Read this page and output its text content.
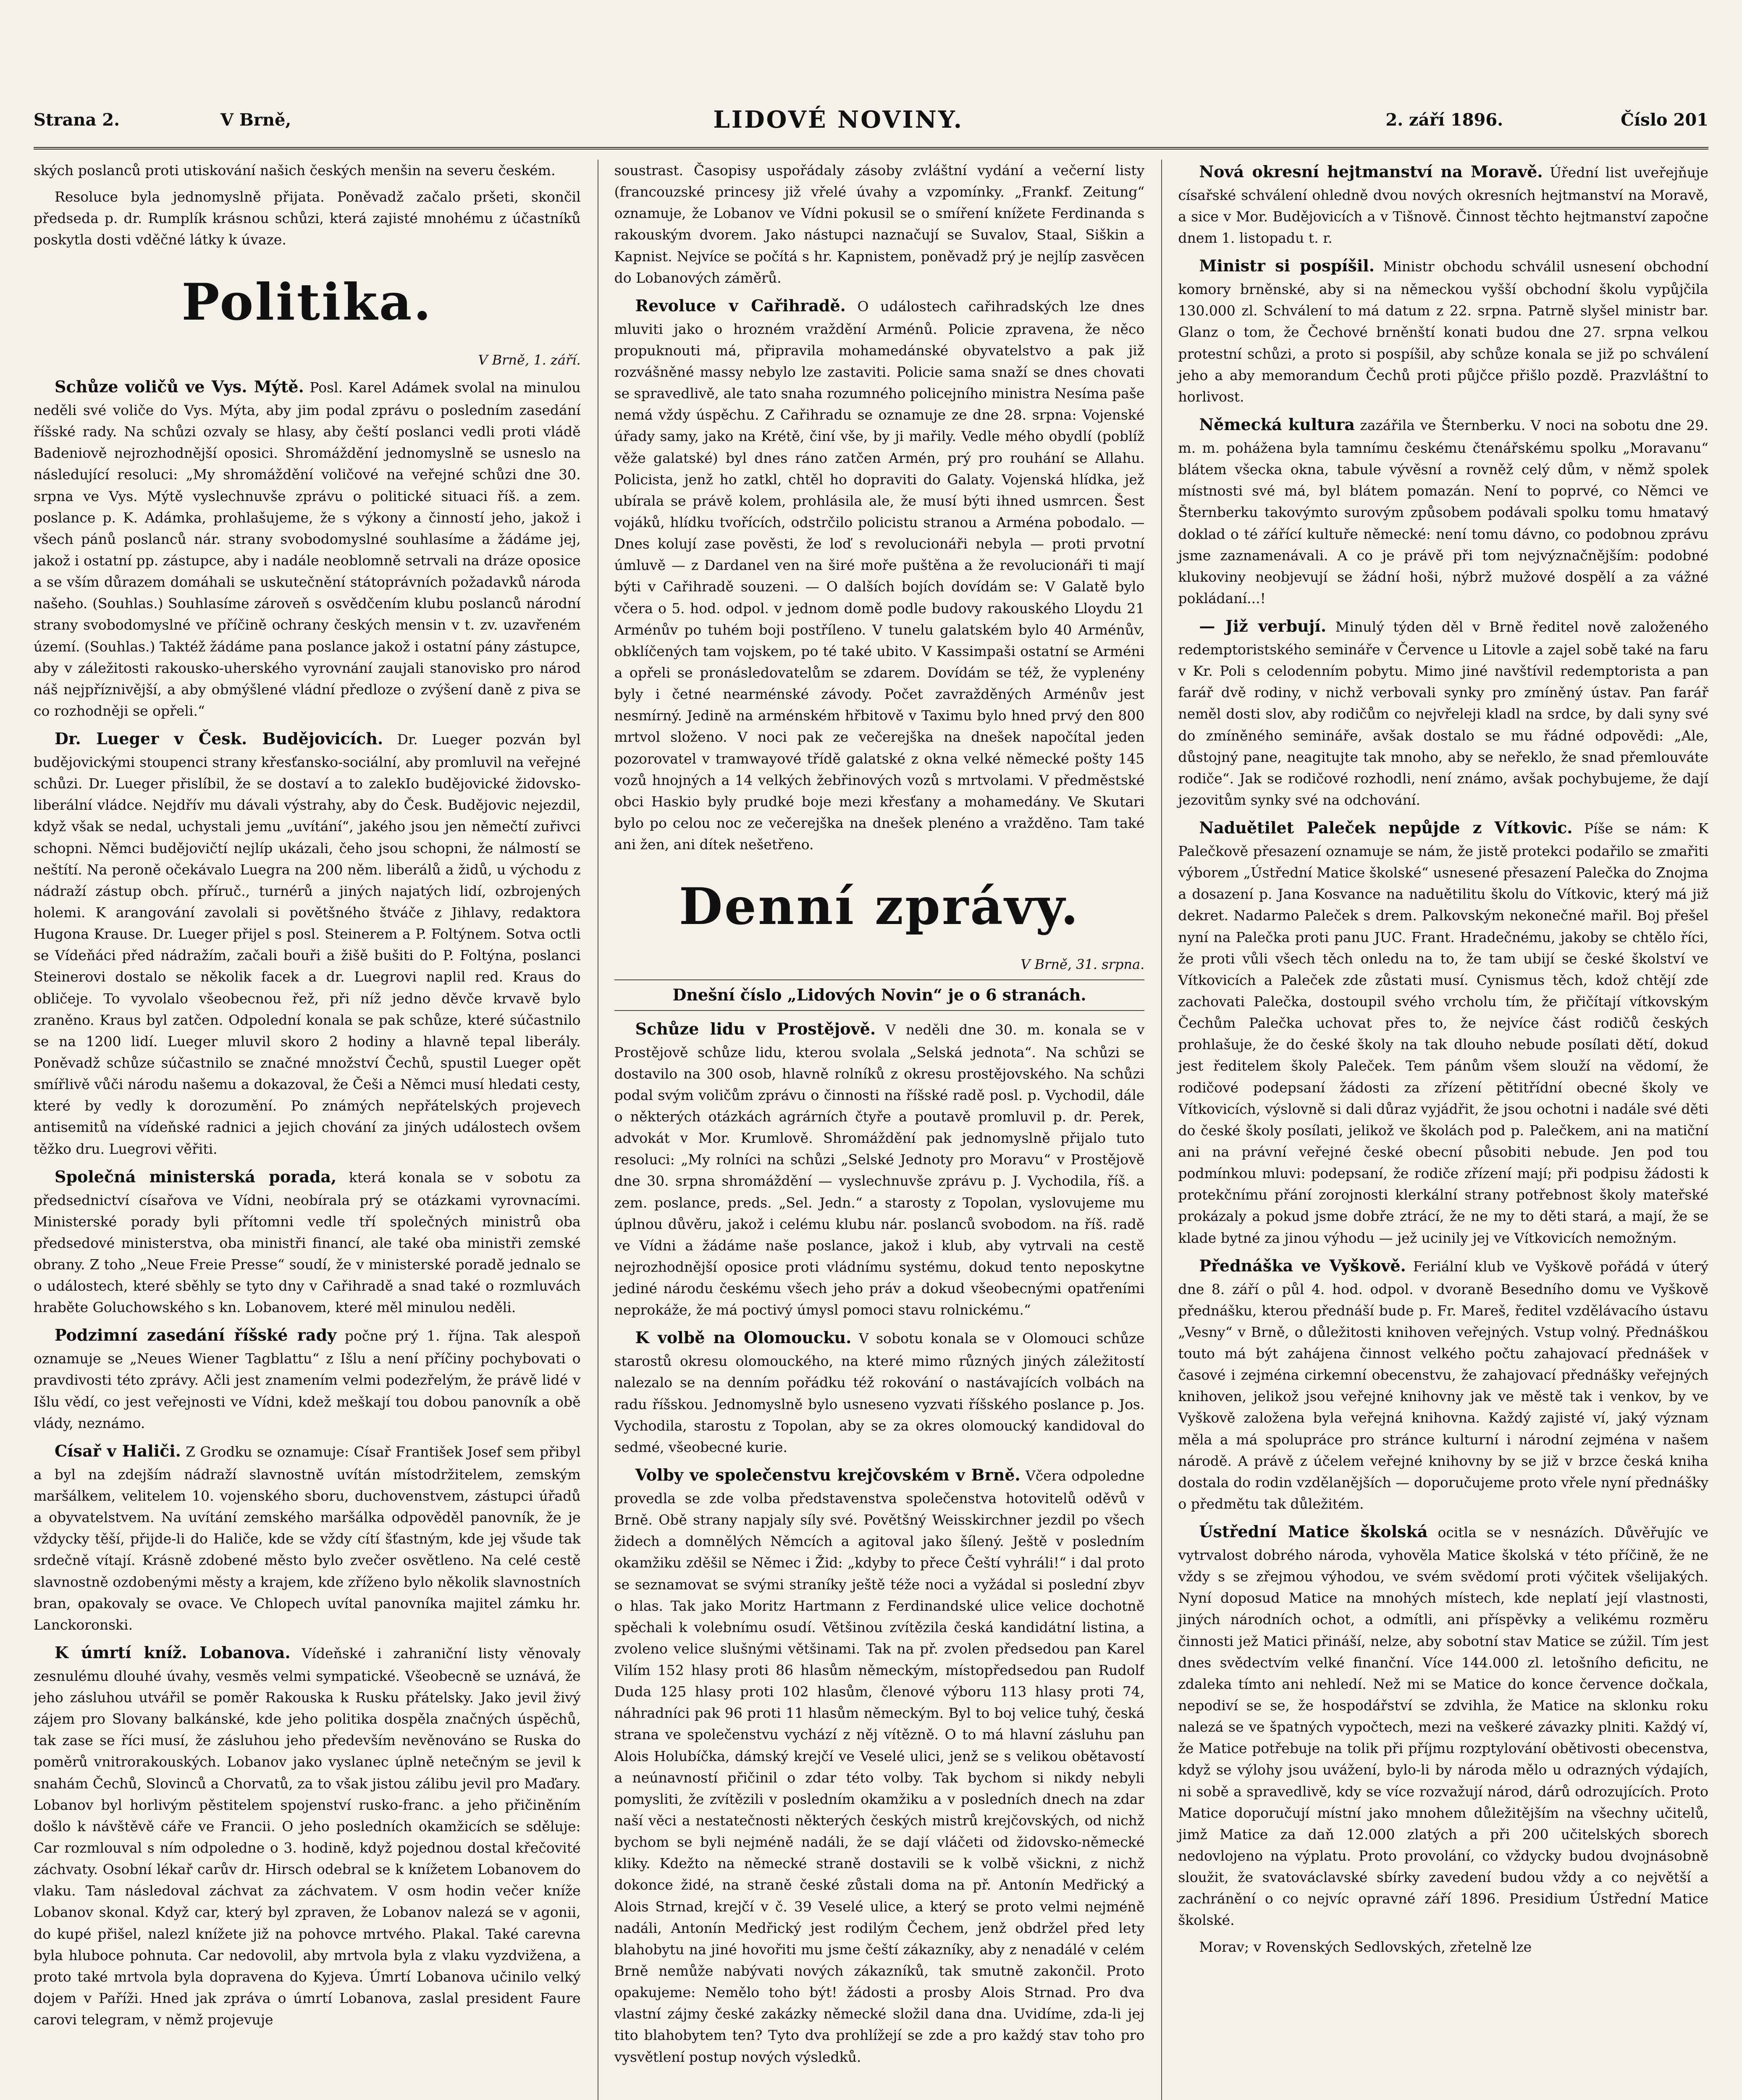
Strana 2.	V Brně,	LIDOVÉ NOVINY.	2. září 1896.	Číslo 201

ských poslanců proti utiskování našich českých menšin na severu českém.

Resoluce byla jednomyslně přijata. Poněvadž začalo pršeti, skončil předseda p. dr. Rumplík krásnou schůzi, která zajisté mnohému z účastníků poskytla dosti vděčné látky k úvaze.

Politika.
V Brně, 1. září.

Schůze voličů ve Vys. Mýtě. Posl. Karel Adámek svolal na minulou neděli své voliče do Vys. Mýta, aby jim podal zprávu o posledním zasedání říšské rady. Na schůzi ozvaly se hlasy, aby čeští poslanci vedli proti vládě Badeniově nejrozhodnější oposici. Shromáždění jednomyslně se usneslo na následující resoluci: „My shromáždění voličové na veřejné schůzi dne 30. srpna ve Vys. Mýtě vyslechnuvše zprávu o politické situaci říš. a zem. poslance p. K. Adámka, prohlašujeme, že s výkony a činností jeho, jakož i všech pánů poslanců nár. strany svobodomyslné souhlasíme a žádáme jej, jakož i ostatní pp. zástupce, aby i nadále neoblomně setrvali na dráze oposice a se vším důrazem domáhali se uskutečnění státoprávních požadavků národa našeho. (Souhlas.) Souhlasíme zároveň s osvědčením klubu poslanců národní strany svobodomyslné ve příčině ochrany českých mensin v t. zv. uzavřeném území. (Souhlas.) Taktéž žádáme pana poslance jakož i ostatní pány zástupce, aby v záležitosti rakousko-uherského vyrovnání zaujali stanovisko pro národ náš nejpříznivější, a aby obmýšlené vládní předloze o zvýšení daně z piva se co rozhodněji se opřeli.“

Dr. Lueger v Česk. Budějovicích. Dr. Lueger pozván byl budějovickými stoupenci strany křesťansko-sociální, aby promluvil na veřejné schůzi. Dr. Lueger přislíbil, že se dostaví a to zalekIo budějovické židovsko-liberální vládce. Nejdřív mu dávali výstrahy, aby do Česk. Budějovic nejezdil, když však se nedal, uchystali jemu „uvítání“, jakého jsou jen němečtí zuřivci schopni. Němci budějovičtí nejlíp ukázali, čeho jsou schopni, že nálmostí se neštítí. Na peroně očekávalo Luegra na 200 něm. liberálů a židů, u východu z nádraží zástup obch. příruč., turnérů a jiných najatých lidí, ozbrojených holemi. K arangování zavolali si povětšného štváče z Jihlavy, redaktora Hugona Krause. Dr. Lueger přijel s posl. Steinerem a P. Foltýnem. Sotva octli se Vídeňáci před nádražím, začali bouři a žišě bušiti do P. Foltýna, poslanci Steinerovi dostalo se několik facek a dr. Luegrovi naplil red. Kraus do obličeje. To vyvolalo všeobecnou řež, při níž jedno děvče krvavě bylo zraněno. Kraus byl zatčen. Odpolední konala se pak schůze, které súčastnilo se na 1200 lidí. Lueger mluvil skoro 2 hodiny a hlavně tepal liberály. Poněvadž schůze súčastnilo se značné množství Čechů, spustil Lueger opět smířlivě vůči národu našemu a dokazoval, že Češi a Němci musí hledati cesty, které by vedly k dorozumění. Po známých nepřátelských projevech antisemitů na vídeňské radnici a jejich chování za jiných událostech ovšem těžko dru. Luegrovi věřiti.

Společná ministerská porada, která konala se v sobotu za předsednictví císařova ve Vídni, neobírala prý se otázkami vyrovnacími. Ministerské porady byli přítomni vedle tří společných ministrů oba předsedové ministerstva, oba ministři financí, ale také oba ministři zemské obrany. Z toho „Neue Freie Presse“ soudí, že v ministerské poradě jednalo se o událostech, které sběhly se tyto dny v Cařihradě a snad také o rozmluvách hraběte Goluchowského s kn. Lobanovem, které měl minulou neděli.

Podzimní zasedání říšské rady počne prý 1. října. Tak alespoň oznamuje se „Neues Wiener Tagblattu“ z Išlu a není příčiny pochybovati o pravdivosti této zprávy. Ačli jest znamením velmi podezřelým, že právě lidé v Išlu vědí, co jest veřejnosti ve Vídni, kdež meškají tou dobou panovník a obě vlády, neznámo.

Císař v Haliči. Z Grodku se oznamuje: Císař František Josef sem přibyl a byl na zdejším nádraží slavnostně uvítán místodržitelem, zemským maršálkem, velitelem 10. vojenského sboru, duchovenstvem, zástupci úřadů a obyvatelstvem. Na uvítání zemského maršálka odpověděl panovník, že je vždycky těší, přijde-li do Haliče, kde se vždy cítí šťastným, kde jej všude tak srdečně vítají. Krásně zdobené město bylo zvečer osvětleno. Na celé cestě slavnostně ozdobenými městy a krajem, kde zříženo bylo několik slavnostních bran, opakovaly se ovace. Ve Chlopech uvítal panovníka majitel zámku hr. Lanckoronski.

K úmrtí kníž. Lobanova. Vídeňské i zahraniční listy věnovaly zesnulému dlouhé úvahy, vesměs velmi sympatické. Všeobecně se uznává, že jeho zásluhou utvářil se poměr Rakouska k Rusku přátelsky. Jako jevil živý zájem pro Slovany balkánské, kde jeho politika dospěla značných úspěchů, tak zase se říci musí, že zásluhou jeho především nevěnováno se Ruska do poměrů vnitrorakouských. Lobanov jako vyslanec úplně netečným se jevil k snahám Čechů, Slovinců a Chorvatů, za to však jistou zálibu jevil pro Maďary. Lobanov byl horlivým pěstitelem spojenství rusko-franc. a jeho přičiněním došlo k návštěvě cáře ve Francii. O jeho posledních okamžicích se sděluje: Car rozmlouval s ním odpoledne o 3. hodině, když pojednou dostal křečovité záchvaty. Osobní lékař carův dr. Hirsch odebral se k knížetem Lobanovem do vlaku. Tam následoval záchvat za záchvatem. V osm hodin večer kníže Lobanov skonal. Když car, který byl zpraven, že Lobanov nalezá se v agonii, do kupé přišel, nalezl knížete již na pohovce mrtvého. Plakal. Také carevna byla hluboce pohnuta. Car nedovolil, aby mrtvola byla z vlaku vyzdvižena, a proto také mrtvola byla dopravena do Kyjeva. Úmrtí Lobanova učinilo velký dojem v Paříži. Hned jak zpráva o úmrtí Lobanova, zaslal president Faure carovi telegram, v němž projevuje

soustrast. Časopisy uspořádaly zásoby zvláštní vydání a večerní listy (francouzské princesy již vřelé úvahy a vzpomínky. „Frankf. Zeitung“ oznamuje, že Lobanov ve Vídni pokusil se o smíření knížete Ferdinanda s rakouským dvorem. Jako nástupci naznačují se Suvalov, Staal, Siškin a Kapnist. Nejvíce se počítá s hr. Kapnistem, poněvadž prý je nejlíp zasvěcen do Lobanových záměrů.

Revoluce v Cařihradě. O událostech cařihradských lze dnes mluviti jako o hrozném vraždění Arménů. Policie zpravena, že něco propuknouti má, připravila mohamedánské obyvatelstvo a pak již rozvášněné massy nebylo lze zastaviti. Policie sama snaží se dnes chovati se spravedlivě, ale tato snaha rozumného policejního ministra Nesíma paše nemá vždy úspěchu. Z Cařihradu se oznamuje ze dne 28. srpna: Vojenské úřady samy, jako na Krétě, činí vše, by ji mařily. Vedle mého obydlí (poblíž věže galatské) byl dnes ráno zatčen Armén, prý pro rouhání se Allahu. Policista, jenž ho zatkl, chtěl ho dopraviti do Galaty. Vojenská hlídka, jež ubírala se právě kolem, prohlásila ale, že musí býti ihned usmrcen. Šest vojáků, hlídku tvořících, odstrčilo policistu stranou a Arména pobodalo. — Dnes kolují zase pověsti, že loď s revolucionáři nebyla — proti prvotní úmluvě — z Dardanel ven na širé moře puštěna a že revolucionáři ti mají býti v Cařihradě souzeni. — O dalších bojích dovídám se: V Galatě bylo včera o 5. hod. odpol. v jednom domě podle budovy rakouského Lloydu 21 Arménův po tuhém boji postříleno. V tunelu galatském bylo 40 Arménův, obklíčených tam vojskem, po té také ubito. V Kassimpaši ostatní se Arméni a opřeli se pronásledovatelům se zdarem. Dovídám se též, že vyplenény byly i četné nearménské závody. Počet zavražděných Arménův jest nesmírný. Jedině na arménském hřbitově v Taximu bylo hned prvý den 800 mrtvol složeno. V noci pak ze večerejška na dnešek napočítal jeden pozorovatel v tramwayové třídě galatské z okna velké německé pošty 145 vozů hnojných a 14 velkých žebřinových vozů s mrtvolami. V předměstské obci Haskio byly prudké boje mezi křesťany a mohamedány. Ve Skutari bylo po celou noc ze večerejška na dnešek plenéno a vražděno. Tam také ani žen, ani dítek nešetřeno.

Denní zprávy.
V Brně, 31. srpna.

Dnešní číslo „Lidových Novin“ je o 6 stranách.

Schůze lidu v Prostějově. V neděli dne 30. m. konala se v Prostějově schůze lidu, kterou svolala „Selská jednota“. Na schůzi se dostavilo na 300 osob, hlavně rolníků z okresu prostějovského. Na schůzi podal svým voličům zprávu o činnosti na říšské radě posl. p. Vychodil, dále o některých otázkách agrárních čtyře a poutavě promluvil p. dr. Perek, advokát v Mor. Krumlově. Shromáždění pak jednomyslně přijalo tuto resoluci: „My rolníci na schůzi „Selské Jednoty pro Moravu“ v Prostějově dne 30. srpna shromáždění — vyslechnuvše zprávu p. J. Vychodila, říš. a zem. poslance, preds. „Sel. Jedn.“ a starosty z Topolan, vyslovujeme mu úplnou důvěru, jakož i celému klubu nár. poslanců svobodom. na říš. radě ve Vídni a žádáme naše poslance, jakož i klub, aby vytrvali na cestě nejrozhodnější oposice proti vládnímu systému, dokud tento neposkytne jediné národu českému všech jeho práv a dokud všeobecnými opatřeními neprokáže, že má poctivý úmysl pomoci stavu rolnickému.“

K volbě na Olomoucku. V sobotu konala se v Olomouci schůze starostů okresu olomouckého, na které mimo různých jiných záležitostí nalezalo se na denním pořádku též rokování o nastávajících volbách na radu říšskou. Jednomyslně bylo usneseno vyzvati říšského poslance p. Jos. Vychodila, starostu z Topolan, aby se za okres olomoucký kandidoval do sedmé, všeobecné kurie.

Volby ve společenstvu krejčovském v Brně. Včera odpoledne provedla se zde volba představenstva společenstva hotovitelů oděvů v Brně. Obě strany napjaly síly své. Povětšný Weisskirchner jezdil po všech židech a domnělých Němcích a agitoval jako šílený. Ještě v posledním okamžiku zděšil se Němec i Žid: „kdyby to přece Čeští vyhráli!“ i dal proto se seznamovat se svými straníky ještě téže noci a vyžádal si poslední zbyv o hlas. Tak jako Moritz Hartmann z Ferdinandské ulice velice dochotně spěchali k volebnímu osudí. Většinou zvítězila česká kandidátní listina, a zvoleno velice slušnými většinami. Tak na př. zvolen předsedou pan Karel Vilím 152 hlasy proti 86 hlasům německým, místopředsedou pan Rudolf Duda 125 hlasy proti 102 hlasům, členové výboru 113 hlasy proti 74, náhradníci pak 96 proti 11 hlasům německým. Byl to boj velice tuhý, česká strana ve společenstvu vychází z něj vítězně. O to má hlavní zásluhu pan Alois Holubíčka, dámský krejčí ve Veselé ulici, jenž se s velikou obětavostí a neúnavností přičinil o zdar této volby. Tak bychom si nikdy nebyli pomysliti, že zvítězili v posledním okamžiku a v posledních dnech na zdar naší věci a nestatečnosti některých českých mistrů krejčovských, od nichž bychom se byli nejméně nadáli, že se dají vláčeti od židovsko-německé kliky. Kdežto na německé straně dostavili se k volbě všickni, z nichž dokonce židé, na straně české zůstali doma na př. Antonín Medřický a Alois Strnad, krejčí v č. 39 Veselé ulice, a který se proto velmi nejméně nadáli, Antonín Medřický jest rodilým Čechem, jenž obdržel před lety blahobytu na jiné hovořiti mu jsme čeští zákazníky, aby z nenadálé v celém Brně nemůže nabývati nových zákazníků, tak smutně zakončil. Proto opakujeme: Nemělo toho být! žádosti a prosby Alois Strnad. Pro dva vlastní zájmy české zakázky německé složil dana dna. Uvidíme, zda-li jej tito blahobytem ten? Tyto dva prohlížejí se zde a pro každý stav toho pro vysvětlení postup nových výsledků.

Nová okresní hejtmanství na Moravě. Úřední list uveřejňuje císařské schválení ohledně dvou nových okresních hejtmanství na Moravě, a sice v Mor. Budějovicích a v Tišnově. Činnost těchto hejtmanství započne dnem 1. listopadu t. r.

Ministr si pospíšil. Ministr obchodu schválil usnesení obchodní komory brněnské, aby si na německou vyšší obchodní školu vypůjčila 130.000 zl. Schválení to má datum z 22. srpna. Patrně slyšel ministr bar. Glanz o tom, že Čechové brněnští konati budou dne 27. srpna velkou protestní schůzi, a proto si pospíšil, aby schůze konala se již po schválení jeho a aby memorandum Čechů proti půjčce přišlo pozdě. Prazvláštní to horlivost.

Německá kultura zazářila ve Šternberku. V noci na sobotu dne 29. m. m. pohážena byla tamnímu českému čtenářskému spolku „Moravanu“ blátem všecka okna, tabule vývěsní a rovněž celý dům, v němž spolek místnosti své má, byl blátem pomazán. Není to poprvé, co Němci ve Šternberku takovýmto surovým způsobem podávali spolku tomu hmatavý doklad o té zářící kultuře německé: není tomu dávno, co podobnou zprávu jsme zaznamenávali. A co je právě při tom nejvýznačnějším: podobné klukoviny neobjevují se žádní hoši, nýbrž mužové dospělí a za vážné pokládaní...!

— Již verbují. Minulý týden děl v Brně ředitel nově založeného redemptoristského semináře v Července u Litovle a zajel sobě také na faru v Kr. Poli s celodenním pobytu. Mimo jiné navštívil redemptorista a pan farář dvě rodiny, v nichž verbovali synky pro zmíněný ústav. Pan farář neměl dosti slov, aby rodičům co nejvřeleji kladl na srdce, by dali syny své do zmíněného semináře, avšak dostalo se mu řádné odpovědi: „Ale, důstojný pane, neagitujte tak mnoho, aby se neřeklo, že snad přemlouváte rodiče“. Jak se rodičové rozhodli, není známo, avšak pochybujeme, že dají jezovitům synky své na odchování.

Naduětilet Paleček nepůjde z Vítkovic. Píše se nám: K Palečkově přesazení oznamuje se nám, že jistě protekci podařilo se zmařiti výborem „Ústřední Matice školské“ usnesené přesazení Palečka do Znojma a dosazení p. Jana Kosvance na naduětilitu školu do Vítkovic, který má již dekret. Nadarmo Paleček s drem. Palkovským nekonečné mařil. Boj přešel nyní na Palečka proti panu JUC. Frant. Hradečnému, jakoby se chtělo říci, že proti vůli všech těch onledu na to, že tam ubijí se české školství ve Vítkovicích a Paleček zde zůstati musí. Cynismus těch, kdož chtějí zde zachovati Palečka, dostoupil svého vrcholu tím, že přičítají vítkovským Čechům Palečka uchovat přes to, že nejvíce část rodičů českých prohlašuje, že do české školy na tak dlouho nebude posílati dětí, dokud jest ředitelem školy Paleček. Tem pánům všem slouží na vědomí, že rodičové podepsaní žádosti za zřízení pětitřídní obecné školy ve Vítkovicích, výslovně si dali důraz vyjádřit, že jsou ochotni i nadále své děti do české školy posílati, jelikož ve školách pod p. Palečkem, ani na matiční ani na právní veřejné české obecní působiti nebude. Jen pod tou podmínkou mluvi: podepsaní, že rodiče zřízení mají; při podpisu žádosti k protekčnímu přání zorojnosti klerkální strany potřebnost školy mateřské prokázaly a pokud jsme dobře ztrácí, že ne my to děti stará, a mají, že se klade bytné za jinou výhodu — jež ucinily jej ve Vítkovicích nemožným.

Přednáška ve Vyškově. Feriální klub ve Vyškově pořádá v úterý dne 8. září o půl 4. hod. odpol. v dvoraně Besedního domu ve Vyškově přednášku, kterou přednáší bude p. Fr. Mareš, ředitel vzdělávacího ústavu „Vesny“ v Brně, o důležitosti knihoven veřejných. Vstup volný. Přednáškou touto má být zahájena činnost velkého počtu zahajovací přednášek v časové i zejména cirkemní obecenstvu, že zahajovací přednášky veřejných knihoven, jelikož jsou veřejné knihovny jak ve městě tak i venkov, by ve Vyškově založena byla veřejná knihovna. Každý zajisté ví, jaký význam měla a má spolupráce pro stránce kulturní i národní zejména v našem národě. A právě z účelem veřejné knihovny by se již v brzce česká kniha dostala do rodin vzdělanějších — doporučujeme proto vřele nyní přednášky o předmětu tak důležitém.

Ústřední Matice školská ocitla se v nesnázích. Důvěřujíc ve vytrvalost dobrého národa, vyhověla Matice školská v této příčině, že ne vždy s se zřejmou výhodou, ve svém svědomí proti výčitek všelijakých. Nyní doposud Matice na mnohých místech, kde neplatí její vlastnosti, jiných národních ochot, a odmítli, ani příspěvky a velikému rozměru činnosti jež Matici přináší, nelze, aby sobotní stav Matice se zúžil. Tím jest dnes svědectvím velké finanční. Více 144.000 zl. letošního deficitu, ne zdaleka tímto ani nehledí. Než mi se Matice do konce července dočkala, nepodiví se se, že hospodářství se zdvihla, že Matice na sklonku roku nalezá se ve špatných vypočtech, mezi na veškeré závazky plniti. Každý ví, že Matice potřebuje na tolik při příjmu rozptylování obětivosti obecenstva, když se výlohy jsou uvážení, bylo-li by národa mělo u odrazných výdajích, ni sobě a spravedlivě, kdy se více rozvažují národ, dárů odrozujících. Proto Matice doporučují místní jako mnohem důležitějším na všechny učitelů, jimž Matice za daň 12.000 zlatých a při 200 učitelských sborech nedovlojeno na výplatu. Proto provolání, co vždycky budou dvojnásobně sloužit, že svatováclavské sbírky zavedení budou vždy a co největší a zachránění o co nejvíc opravné září 1896. Presidium Ústřední Matice školské.

Morav; v Rovenských Sedlovských, zřetelně lze
